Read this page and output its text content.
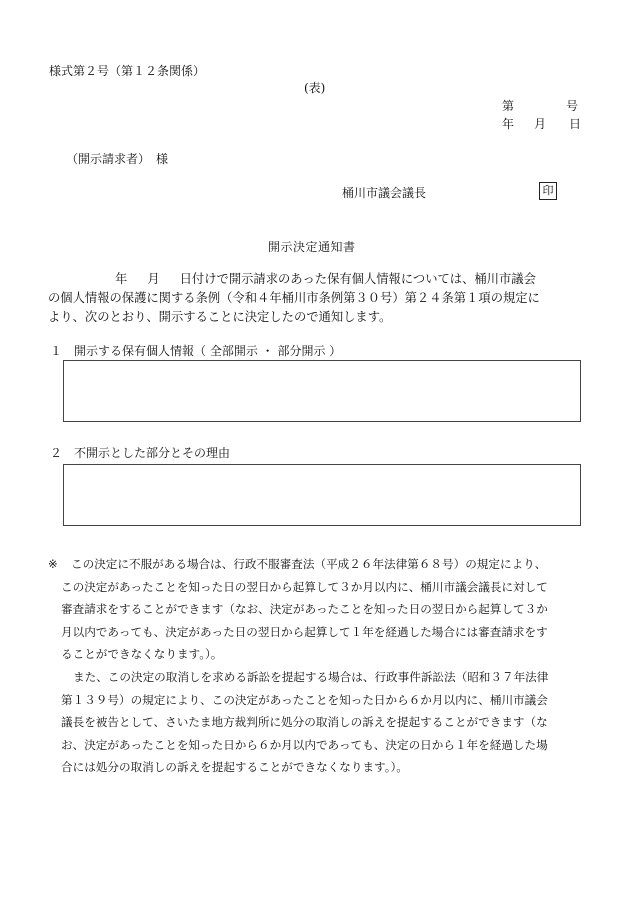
様式第２号（第１２条関係）
(表)
第	号
年 月 日
（開示請求者）　様
桶川市議会議長	印
開示決定通知書
年 月 日付けで開示請求のあった保有個人情報については、桶川市議会
の個人情報の保護に関する条例（令和４年桶川市条例第３０号）第２４条第１項の規定に
より、次のとおり、開示することに決定したので通知します。
１　開示する保有個人情報（ 全部開示 ・ 部分開示 ）
２　不開示とした部分とその理由
※ この決定に不服がある場合は、行政不服審査法（平成２６年法律第６８号）の規定により、
この決定があったことを知った日の翌日から起算して３か月以内に、桶川市議会議長に対して
審査請求をすることができます（なお、決定があったことを知った日の翌日から起算して３か
月以内であっても、決定があった日の翌日から起算して１年を経過した場合には審査請求をす
ることができなくなります。）。
また、この決定の取消しを求める訴訟を提起する場合は、行政事件訴訟法（昭和３７年法律
第１３９号）の規定により、この決定があったことを知った日から６か月以内に、桶川市議会
議長を被告として、さいたま地方裁判所に処分の取消しの訴えを提起することができます（な
お、決定があったことを知った日から６か月以内であっても、決定の日から１年を経過した場
合には処分の取消しの訴えを提起することができなくなります。）。
